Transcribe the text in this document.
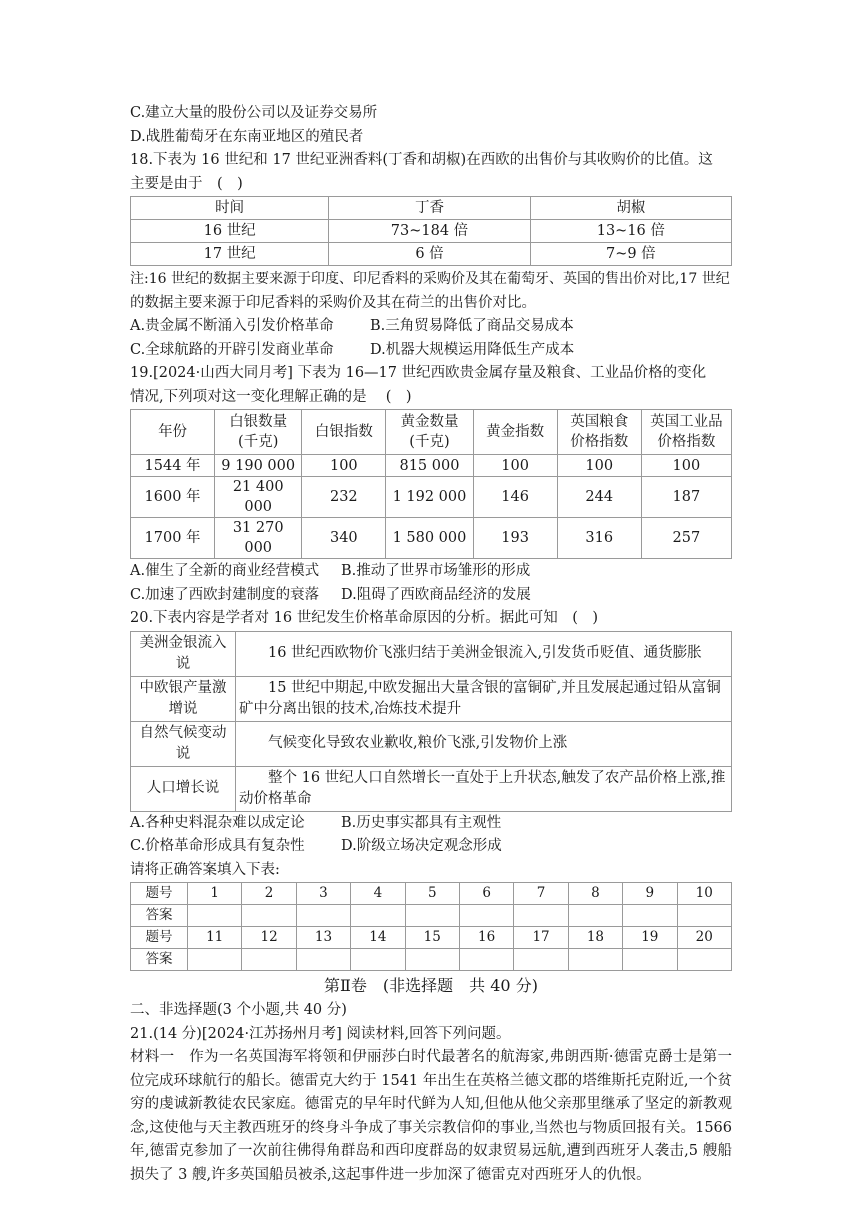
C.建立大量的股份公司以及证券交易所
D.战胜葡萄牙在东南亚地区的殖民者
18.下表为 16 世纪和 17 世纪亚洲香料(丁香和胡椒)在西欧的出售价与其收购价的比值。这
主要是由于　(　)
时间	丁香	胡椒
16 世纪	73~184 倍	13~16 倍
17 世纪	6 倍	7~9 倍
注:16 世纪的数据主要来源于印度、印尼香料的采购价及其在葡萄牙、英国的售出价对比,17 世纪
的数据主要来源于印尼香料的采购价及其在荷兰的出售价对比。
A.贵金属不断涌入引发价格革命	B.三角贸易降低了商品交易成本
C.全球航路的开辟引发商业革命	D.机器大规模运用降低生产成本
19.[2024·山西大同月考] 下表为 16—17 世纪西欧贵金属存量及粮食、工业品价格的变化
情况,下列项对这一变化理解正确的是　 (　)
年份	白银数量
(千克)	白银指数	黄金数量
(千克)	黄金指数	英国粮食
价格指数	英国工业品
价格指数
1544 年	9 190 000	100	815 000	100	100	100
1600 年	21 400 000	232	1 192 000	146	244	187
1700 年	31 270 000	340	1 580 000	193	316	257
A.催生了全新的商业经营模式 B.推动了世界市场雏形的形成
C.加速了西欧封建制度的衰落 D.阻碍了西欧商品经济的发展
20.下表内容是学者对 16 世纪发生价格革命原因的分析。据此可知　(　)
美洲金银流入说	16 世纪西欧物价飞涨归结于美洲金银流入,引发货币贬值、通货膨胀
中欧银产量激增说	15 世纪中期起,中欧发掘出大量含银的富铜矿,并且发展起通过铅从富铜矿中分离出银的技术,冶炼技术提升
自然气候变动说	气候变化导致农业歉收,粮价飞涨,引发物价上涨
人口增长说	整个 16 世纪人口自然增长一直处于上升状态,触发了农产品价格上涨,推动价格革命
A.各种史料混杂难以成定论	B.历史事实都具有主观性
C.价格革命形成具有复杂性	D.阶级立场决定观念形成
请将正确答案填入下表:
题号	1	2	3	4	5	6	7	8	9	10
答案										
题号	11	12	13	14	15	16	17	18	19	20
答案										
第Ⅱ卷　(非选择题　共 40 分)
二、非选择题(3 个小题,共 40 分)
21.(14 分)[2024·江苏扬州月考] 阅读材料,回答下列问题。
材料一　作为一名英国海军将领和伊丽莎白时代最著名的航海家,弗朗西斯·德雷克爵士是第一位完成环球航行的船长。德雷克大约于 1541 年出生在英格兰德文郡的塔维斯托克附近,一个贫穷的虔诚新教徒农民家庭。德雷克的早年时代鲜为人知,但他从他父亲那里继承了坚定的新教观念,这使他与天主教西班牙的终身斗争成了事关宗教信仰的事业,当然也与物质回报有关。1566 年,德雷克参加了一次前往佛得角群岛和西印度群岛的奴隶贸易远航,遭到西班牙人袭击,5 艘船损失了 3 艘,许多英国船员被杀,这起事件进一步加深了德雷克对西班牙人的仇恨。
